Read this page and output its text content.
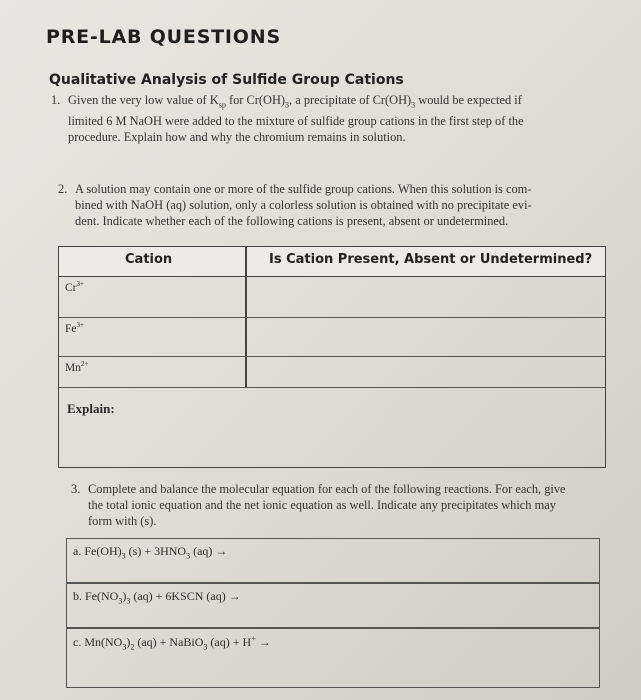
PRE-LAB QUESTIONS
Qualitative Analysis of Sulfide Group Cations
1. Given the very low value of $K_{sp}$ for $Cr(OH)_3$, a precipitate of $Cr(OH)_3$ would be expected if
limited 6 M NaOH were added to the mixture of sulfide group cations in the first step of the
procedure. Explain how and why the chromium remains in solution.
2. A solution may contain one or more of the sulfide group cations. When this solution is com-
bined with NaOH (aq) solution, only a colorless solution is obtained with no precipitate evi-
dent. Indicate whether each of the following cations is present, absent or undetermined.
Cation	Is Cation Present, Absent or Undetermined?
$Cr^{3+}$
$Fe^{3+}$
$Mn^{2+}$
Explain:
3. Complete and balance the molecular equation for each of the following reactions. For each, give
the total ionic equation and the net ionic equation as well. Indicate any precipitates which may
form with (s).
a. $Fe(OH)_3$ $(s) + 3HNO_3$ (aq) →
b. $Fe(NO_3)_3$ (aq) + 6KSCN (aq) →
c. $Mn(NO_3)_2$ (aq) + NaBiO$_3$ (aq) + H+ →
